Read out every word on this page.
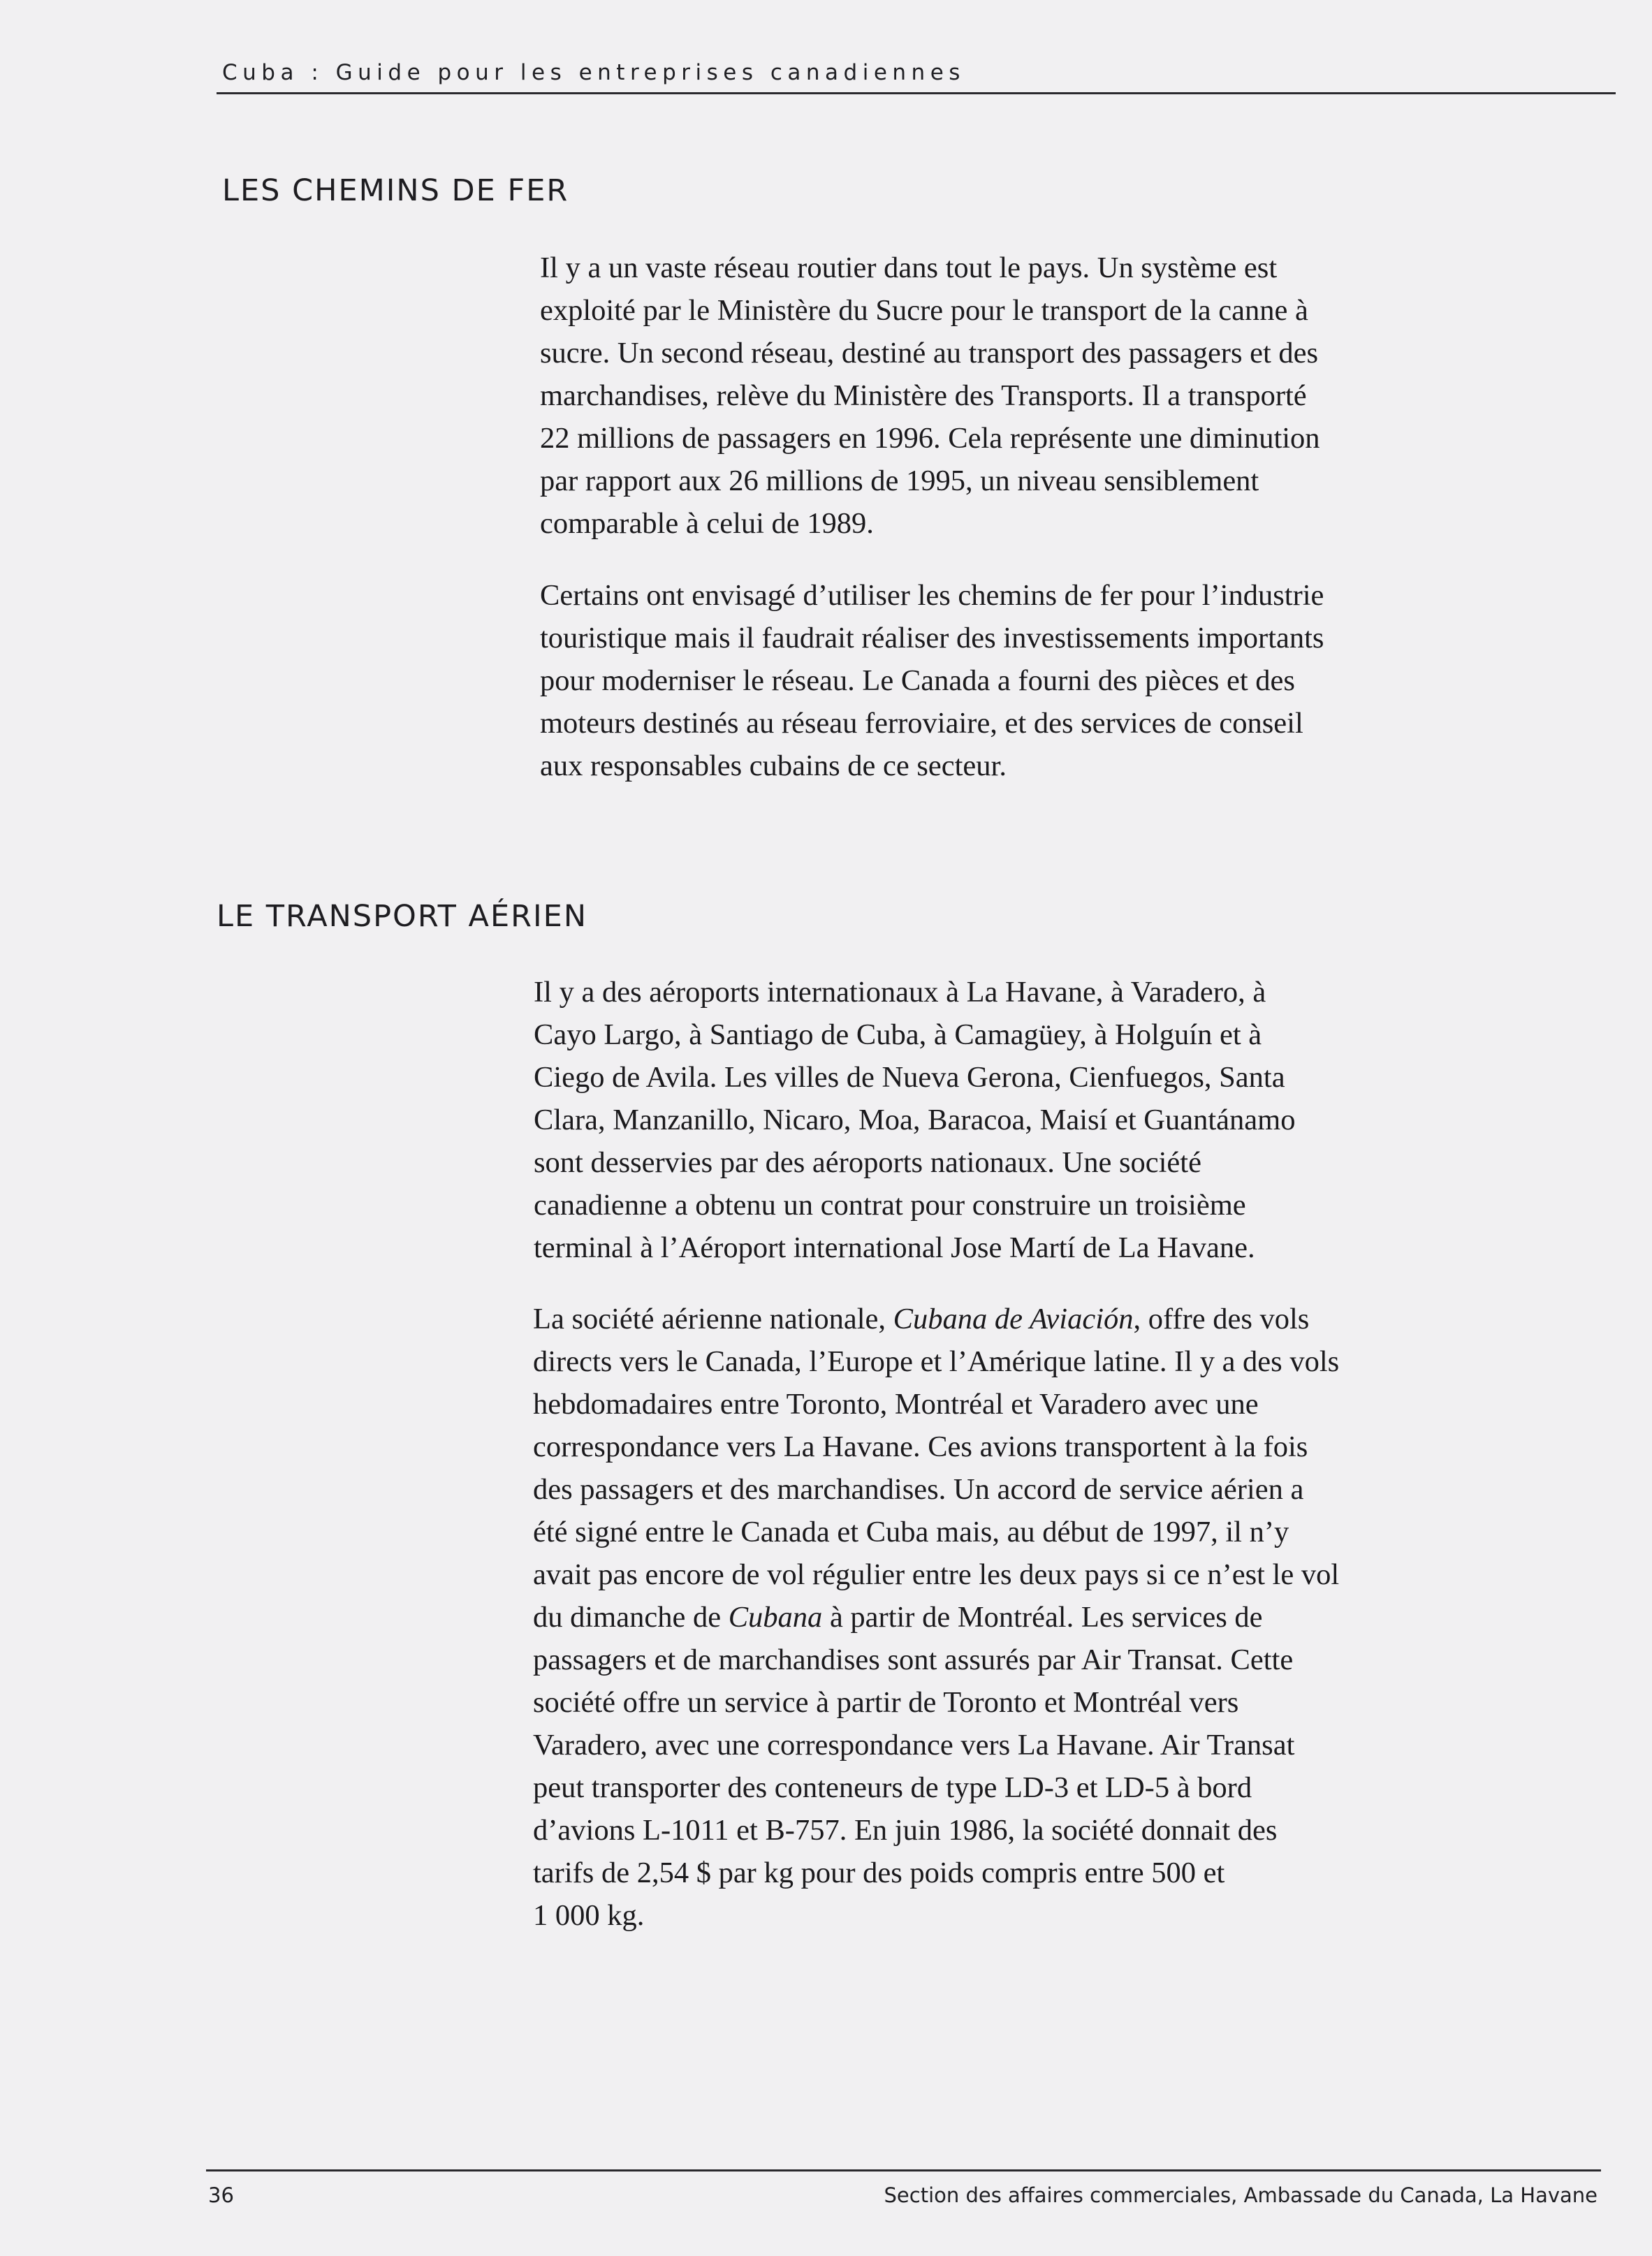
Cuba : Guide pour les entreprises canadiennes
LES CHEMINS DE FER

Il y a un vaste réseau routier dans tout le pays. Un système est
exploité par le Ministère du Sucre pour le transport de la canne à
sucre. Un second réseau, destiné au transport des passagers et des
marchandises, relève du Ministère des Transports. Il a transporté
22 millions de passagers en 1996. Cela représente une diminution
par rapport aux 26 millions de 1995, un niveau sensiblement
comparable à celui de 1989.

Certains ont envisagé d’utiliser les chemins de fer pour l’industrie
touristique mais il faudrait réaliser des investissements importants
pour moderniser le réseau. Le Canada a fourni des pièces et des
moteurs destinés au réseau ferroviaire, et des services de conseil
aux responsables cubains de ce secteur.

LE TRANSPORT AÉRIEN

Il y a des aéroports internationaux à La Havane, à Varadero, à
Cayo Largo, à Santiago de Cuba, à Camagüey, à Holguín et à
Ciego de Avila. Les villes de Nueva Gerona, Cienfuegos, Santa
Clara, Manzanillo, Nicaro, Moa, Baracoa, Maisí et Guantánamo
sont desservies par des aéroports nationaux. Une société
canadienne a obtenu un contrat pour construire un troisième
terminal à l’Aéroport international Jose Martí de La Havane.

La société aérienne nationale, Cubana de Aviación, offre des vols
directs vers le Canada, l’Europe et l’Amérique latine. Il y a des vols
hebdomadaires entre Toronto, Montréal et Varadero avec une
correspondance vers La Havane. Ces avions transportent à la fois
des passagers et des marchandises. Un accord de service aérien a
été signé entre le Canada et Cuba mais, au début de 1997, il n’y
avait pas encore de vol régulier entre les deux pays si ce n’est le vol
du dimanche de Cubana à partir de Montréal. Les services de
passagers et de marchandises sont assurés par Air Transat. Cette
société offre un service à partir de Toronto et Montréal vers
Varadero, avec une correspondance vers La Havane. Air Transat
peut transporter des conteneurs de type LD-3 et LD-5 à bord
d’avions L-1011 et B-757. En juin 1986, la société donnait des
tarifs de 2,54 $ par kg pour des poids compris entre 500 et
1 000 kg.

36	Section des affaires commerciales, Ambassade du Canada, La Havane
